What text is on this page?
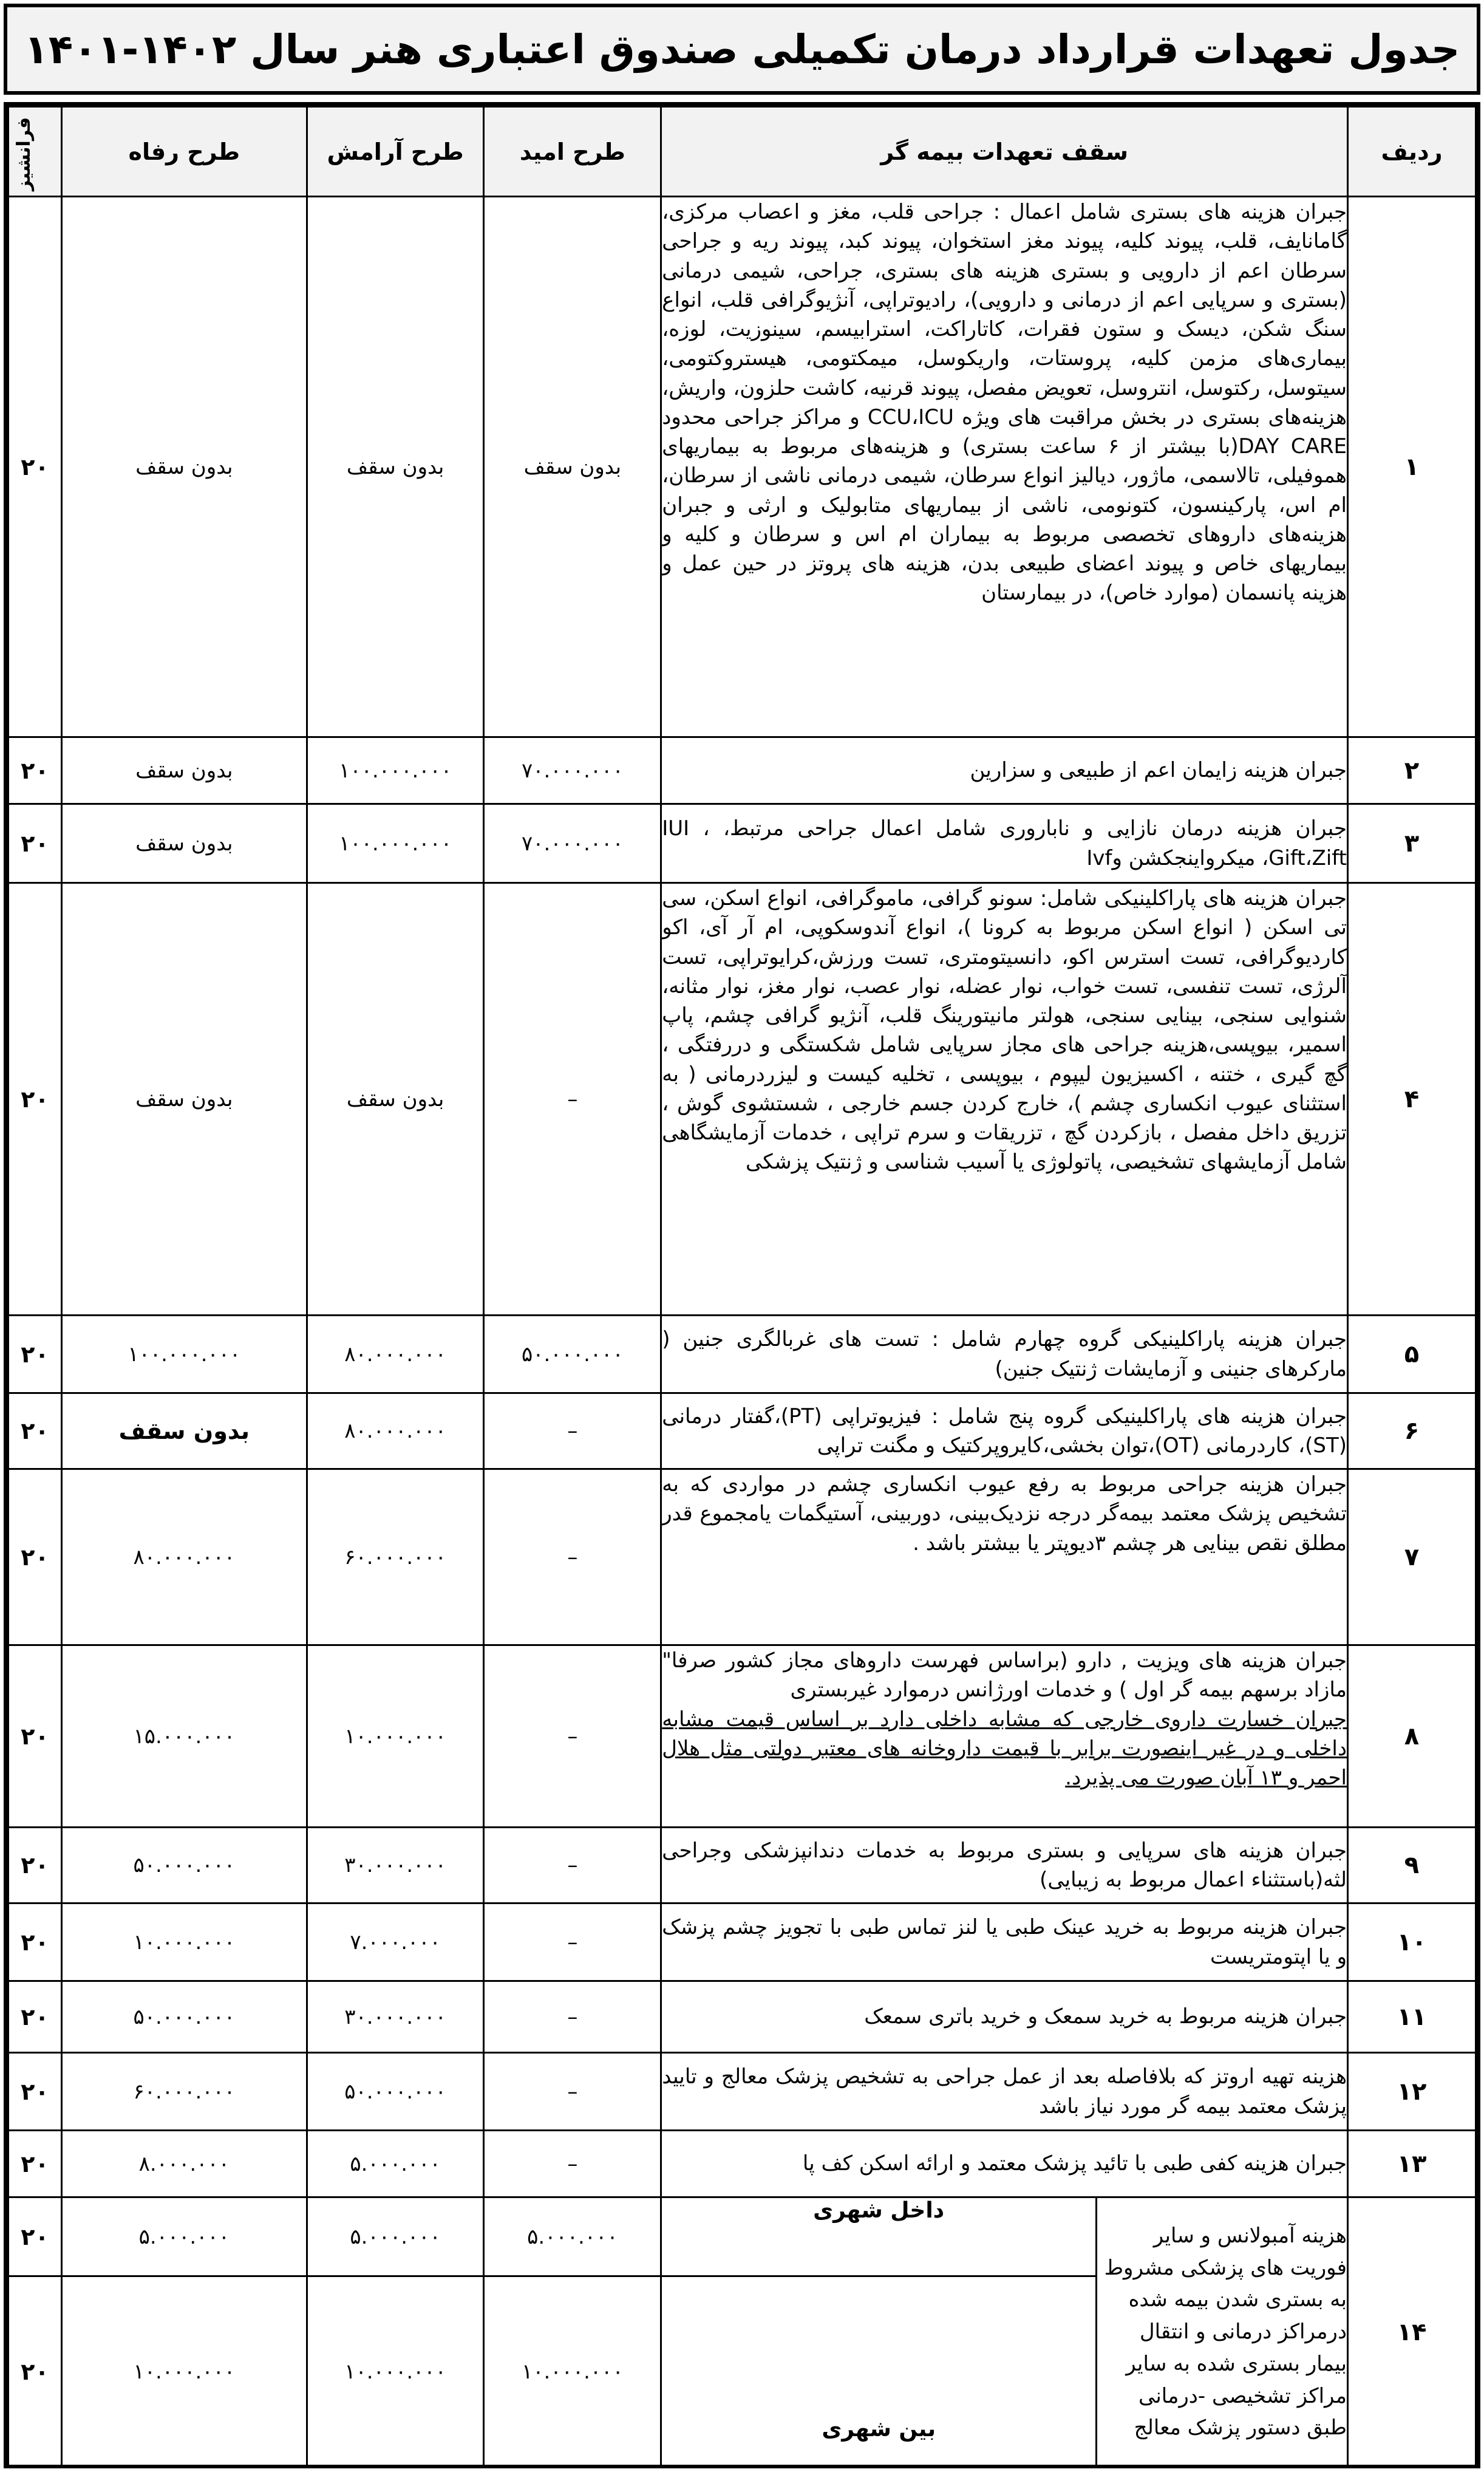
جدول تعهدات قرارداد درمان تکمیلی صندوق اعتباری هنر سال ۱۴۰۲-۱۴۰۱
ردیف	سقف تعهدات بیمه گر		طرح امید	طرح آرامش	طرح رفاه	فرانشیز
۱	جبران هزینه های بستری شامل اعمال : جراحی قلب، مغز و اعصاب مرکزی، گامانایف، قلب، پیوند کلیه، پیوند مغز استخوان، پیوند کبد، پیوند ریه و جراحی سرطان اعم از دارویی و بستری هزینه های بستری، جراحی، شیمی درمانی (بستری و سرپایی اعم از درمانی و دارویی)، رادیوتراپی، آنژیوگرافی قلب، انواع سنگ شکن، دیسک و ستون فقرات، کاتاراکت، استرابیسم، سینوزیت، لوزه، بیماری‌های مزمن کلیه، پروستات، واریکوسل، میمکتومی، هیستروکتومی، سیتوسل، رکتوسل، انتروسل، تعویض مفصل، پیوند قرنیه، کاشت حلزون، واریش، هزینه‌های بستری در بخش مراقبت های ویژه CCU،ICU و مراکز جراحی محدود DAY CARE(با بیشتر از ۶ ساعت بستری) و هزینه‌های مربوط به بیماریهای هموفیلی، تالاسمی، ماژور، دیالیز انواع سرطان، شیمی درمانی ناشی از سرطان، ام اس، پارکینسون، کتونومی، ناشی از بیماریهای متابولیک و ارثی و جبران هزینه‌های داروهای تخصصی مربوط به بیماران ام اس و سرطان و کلیه و بیماریهای خاص و پیوند اعضای طبیعی بدن، هزینه های پروتز در حین عمل و هزینه پانسمان (موارد خاص)، در بیمارستان		بدون سقف	بدون سقف	بدون سقف	۲۰
۲	جبران هزینه زایمان اعم از طبیعی و سزارین		۷۰.۰۰۰.۰۰۰	۱۰۰.۰۰۰.۰۰۰	بدون سقف	۲۰
۳	جبران هزینه درمان نازایی و ناباروری شامل اعمال جراحی مرتبط، IUI ، Gift،Zift، میکرواینجکشن وIvf		۷۰.۰۰۰.۰۰۰	۱۰۰.۰۰۰.۰۰۰	بدون سقف	۲۰
۴	جبران هزینه های پاراکلینیکی شامل: سونو گرافی، ماموگرافی، انواع اسکن، سی تی اسکن ( انواع اسکن مربوط به کرونا )، انواع آندوسکوپی، ام آر آی، اکو کاردیوگرافی، تست استرس اکو، دانسیتومتری، تست ورزش،کرایوتراپی، تست آلرژی، تست تنفسی، تست خواب، نوار عضله، نوار عصب، نوار مغز، نوار مثانه، شنوایی سنجی، بینایی سنجی، هولتر مانیتورینگ قلب، آنژیو گرافی چشم، پاپ اسمیر، بیوپسی،هزینه جراحی های مجاز سرپایی شامل شکستگی و دررفتگی ، گچ گیری ، ختنه ، اکسیزیون لیپوم ، بیوپسی ، تخلیه کیست و لیزردرمانی ( به استثنای عیوب انکساری چشم )، خارج کردن جسم خارجی ، شستشوی گوش ، تزریق داخل مفصل ، بازکردن گچ ، تزریقات و سرم تراپی ، خدمات آزمایشگاهی شامل آزمایشهای تشخیصی، پاتولوژی یا آسیب شناسی و ژنتیک پزشکی		–	بدون سقف	بدون سقف	۲۰
۵	جبران هزینه پاراکلینیکی گروه چهارم شامل : تست های غربالگری جنین ( مارکرهای جنینی و آزمایشات ژنتیک جنین)		۵۰.۰۰۰.۰۰۰	۸۰.۰۰۰.۰۰۰	۱۰۰.۰۰۰.۰۰۰	۲۰
۶	جبران هزینه های پاراکلینیکی گروه پنج شامل : فیزیوتراپی (PT)،گفتار درمانی (ST)، کاردرمانی (OT)،توان بخشی،کایروپرکتیک و مگنت تراپی		–	۸۰.۰۰۰.۰۰۰	بدون سقف	۲۰
۷	جبران هزینه جراحی مربوط به رفع عیوب انکساری چشم در مواردی که به تشخیص پزشک معتمد بیمه‌گر درجه نزدیک‌بینی، دوربینی، آستیگمات یامجموع قدر مطلق نقص بینایی هر چشم ۳دیوپتر یا بیشتر باشد .		–	۶۰.۰۰۰.۰۰۰	۸۰.۰۰۰.۰۰۰	۲۰
۸	جبران هزینه های ویزیت , دارو (براساس فهرست داروهای مجاز کشور صرفا" مازاد برسهم بیمه گر اول ) و خدمات اورژانس درموارد غیربستری
جبران خسارت داروی خارجی که مشابه داخلی دارد بر اساس قیمت مشابه داخلی و در غیر اینصورت برابر با قیمت داروخانه های معتبر دولتی مثل هلال احمر و ۱۳ آبان صورت می پذیرد.		–	۱۰.۰۰۰.۰۰۰	۱۵.۰۰۰.۰۰۰	۲۰
۹	جبران هزینه های سرپایی و بستری مربوط به خدمات دندانپزشکی وجراحی لثه(باستثناء اعمال مربوط به زیبایی)		–	۳۰.۰۰۰.۰۰۰	۵۰.۰۰۰.۰۰۰	۲۰
۱۰	جبران هزینه مربوط به خرید عینک طبی یا لنز تماس طبی با تجویز چشم پزشک و یا اپتومتریست		–	۷.۰۰۰.۰۰۰	۱۰.۰۰۰.۰۰۰	۲۰
۱۱	جبران هزینه مربوط به خرید سمعک و خرید باتری سمعک		–	۳۰.۰۰۰.۰۰۰	۵۰.۰۰۰.۰۰۰	۲۰
۱۲	هزینه تهیه اروتز که بلافاصله بعد از عمل جراحی به تشخیص پزشک معالج و تایید پزشک معتمد بیمه گر مورد نیاز باشد		–	۵۰.۰۰۰.۰۰۰	۶۰.۰۰۰.۰۰۰	۲۰
۱۳	جبران هزینه کفی طبی با تائید پزشک معتمد و ارائه اسکن کف پا		–	۵.۰۰۰.۰۰۰	۸.۰۰۰.۰۰۰	۲۰
۱۴	هزینه آمبولانس و سایر فوریت های پزشکی مشروط به بستری شدن بیمه شده درمراکز درمانی و انتقال بیمار بستری شده به سایر مراکز تشخیصی -درمانی طبق دستور پزشک معالج	داخل شهری	۵.۰۰۰.۰۰۰	۵.۰۰۰.۰۰۰	۵.۰۰۰.۰۰۰	۲۰
		بین شهری	۱۰.۰۰۰.۰۰۰	۱۰.۰۰۰.۰۰۰	۱۰.۰۰۰.۰۰۰	۲۰
